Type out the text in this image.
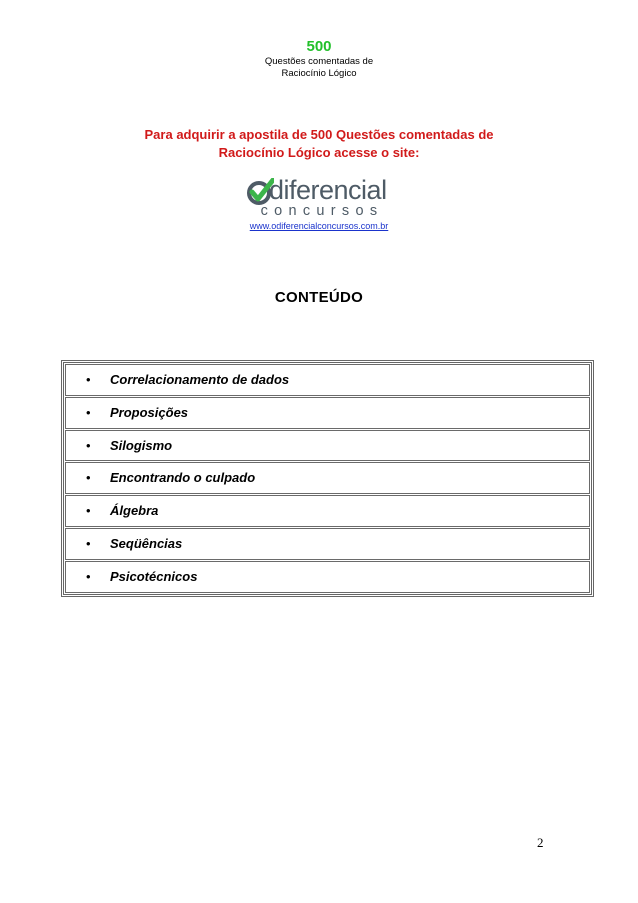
500
Questões comentadas de
Raciocínio Lógico
Para adquirir a apostila de 500 Questões comentadas de
Raciocínio Lógico acesse o site:
diferencial
concursos
www.odiferencialconcursos.com.br
CONTEÚDO
• Correlacionamento de dados
• Proposições
• Silogismo
• Encontrando o culpado
• Álgebra
• Seqüências
• Psicotécnicos
2
